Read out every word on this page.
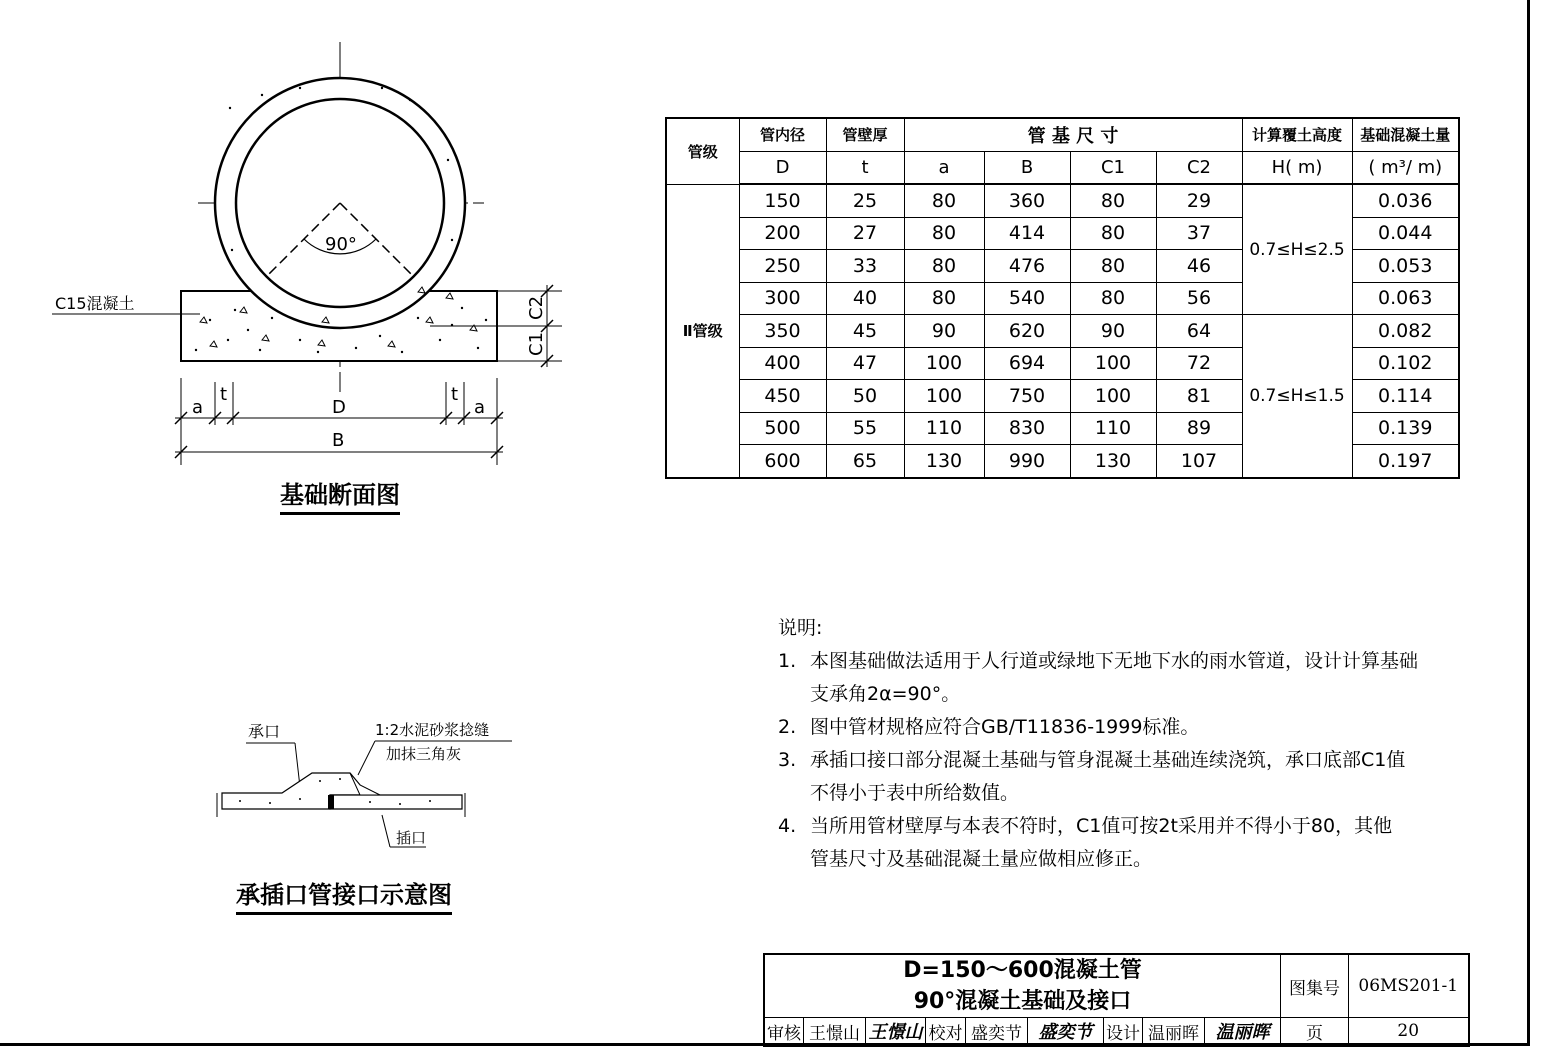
90°
C15混凝土	C2
C1
a
t
D
t
a
B
基础断面图
承口	1:2水泥砂浆捻缝
加抹三角灰
插口
承插口管接口示意图
管级	管内径	管壁厚	管 基 尺 寸				计算覆土高度	基础混凝土量
	D	t	a	B	C1	C2	H( m)	( m³/ m)
Ⅱ管级	150	25	80	360	80	29	0.7≤H≤2.5	0.036
	200	27	80	414	80	37		0.044
	250	33	80	476	80	46		0.053
	300	40	80	540	80	56		0.063
	350	45	90	620	90	64	0.7≤H≤1.5	0.082
	400	47	100	694	100	72		0.102
	450	50	100	750	100	81		0.114
	500	55	110	830	110	89		0.139
	600	65	130	990	130	107		0.197
说明:
1. 本图基础做法适用于人行道或绿地下无地下水的雨水管道，设计计算基础
支承角2α=90°。
2. 图中管材规格应符合GB/T11836-1999标准。
3. 承插口接口部分混凝土基础与管身混凝土基础连续浇筑，承口底部C1值
不得小于表中所给数值。
4. 当所用管材壁厚与本表不符时，C1值可按2t采用并不得小于80，其他
管基尺寸及基础混凝土量应做相应修正。
D=150～600混凝土管
90°混凝土基础及接口									图集号	06MS201-1
审核	王憬山	王憬山	校对	盛奕节	盛奕节	设计	温丽晖	温丽晖	页	20
